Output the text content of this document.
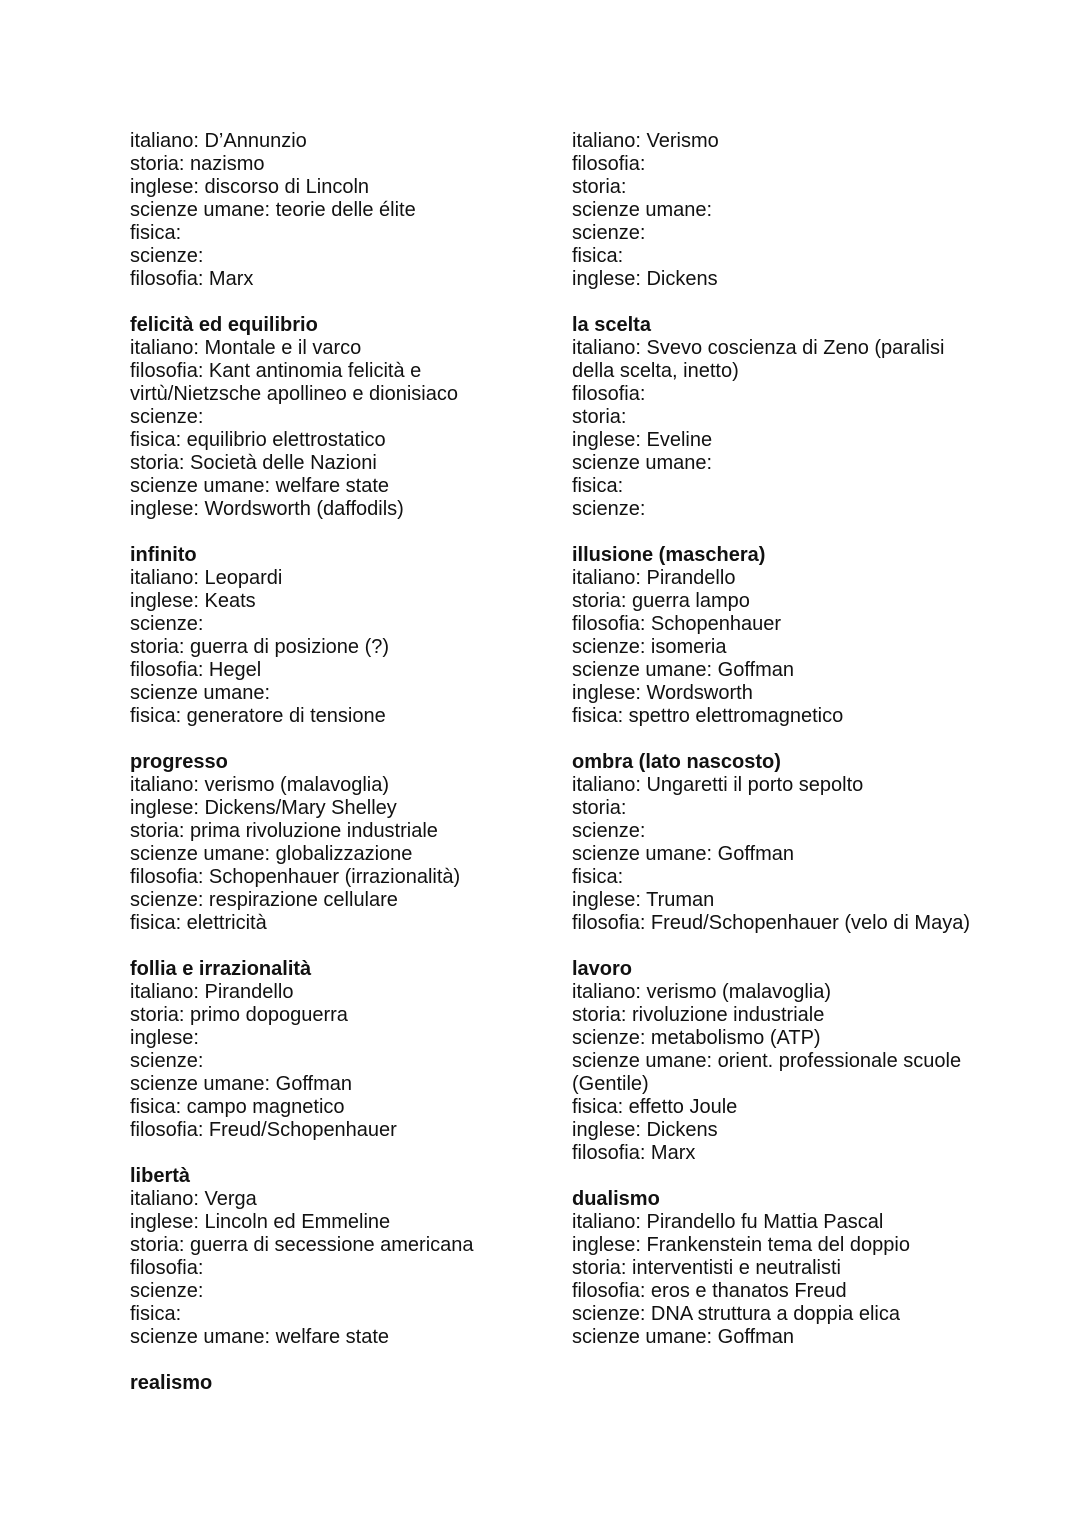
italiano: D’Annunzio
storia: nazismo
inglese: discorso di Lincoln
scienze umane: teorie delle élite
fisica:
scienze:
filosofia: Marx
felicità ed equilibrio
italiano: Montale e il varco
filosofia: Kant antinomia felicità e virtù/Nietzsche apollineo e dionisiaco
scienze:
fisica: equilibrio elettrostatico
storia: Società delle Nazioni
scienze umane: welfare state
inglese: Wordsworth (daffodils)
infinito
italiano: Leopardi
inglese: Keats
scienze:
storia: guerra di posizione (?)
filosofia: Hegel
scienze umane:
fisica: generatore di tensione
progresso
italiano: verismo (malavoglia)
inglese: Dickens/Mary Shelley
storia: prima rivoluzione industriale
scienze umane: globalizzazione
filosofia: Schopenhauer (irrazionalità)
scienze: respirazione cellulare
fisica: elettricità
follia e irrazionalità
italiano: Pirandello
storia: primo dopoguerra
inglese:
scienze:
scienze umane: Goffman
fisica: campo magnetico
filosofia: Freud/Schopenhauer
libertà
italiano: Verga
inglese: Lincoln ed Emmeline
storia: guerra di secessione americana
filosofia:
scienze:
fisica:
scienze umane: welfare state
realismo
italiano: Verismo
filosofia:
storia:
scienze umane:
scienze:
fisica:
inglese: Dickens
la scelta
italiano: Svevo coscienza di Zeno (paralisi della scelta, inetto)
filosofia:
storia:
inglese: Eveline
scienze umane:
fisica:
scienze:
illusione (maschera)
italiano: Pirandello
storia: guerra lampo
filosofia: Schopenhauer
scienze: isomeria
scienze umane: Goffman
inglese: Wordsworth
fisica: spettro elettromagnetico
ombra (lato nascosto)
italiano: Ungaretti il porto sepolto
storia:
scienze:
scienze umane: Goffman
fisica:
inglese: Truman
filosofia: Freud/Schopenhauer (velo di Maya)
lavoro
italiano: verismo (malavoglia)
storia: rivoluzione industriale
scienze: metabolismo (ATP)
scienze umane: orient. professionale scuole (Gentile)
fisica: effetto Joule
inglese: Dickens
filosofia: Marx
dualismo
italiano: Pirandello fu Mattia Pascal
inglese: Frankenstein tema del doppio
storia: interventisti e neutralisti
filosofia: eros e thanatos Freud
scienze: DNA struttura a doppia elica
scienze umane: Goffman
